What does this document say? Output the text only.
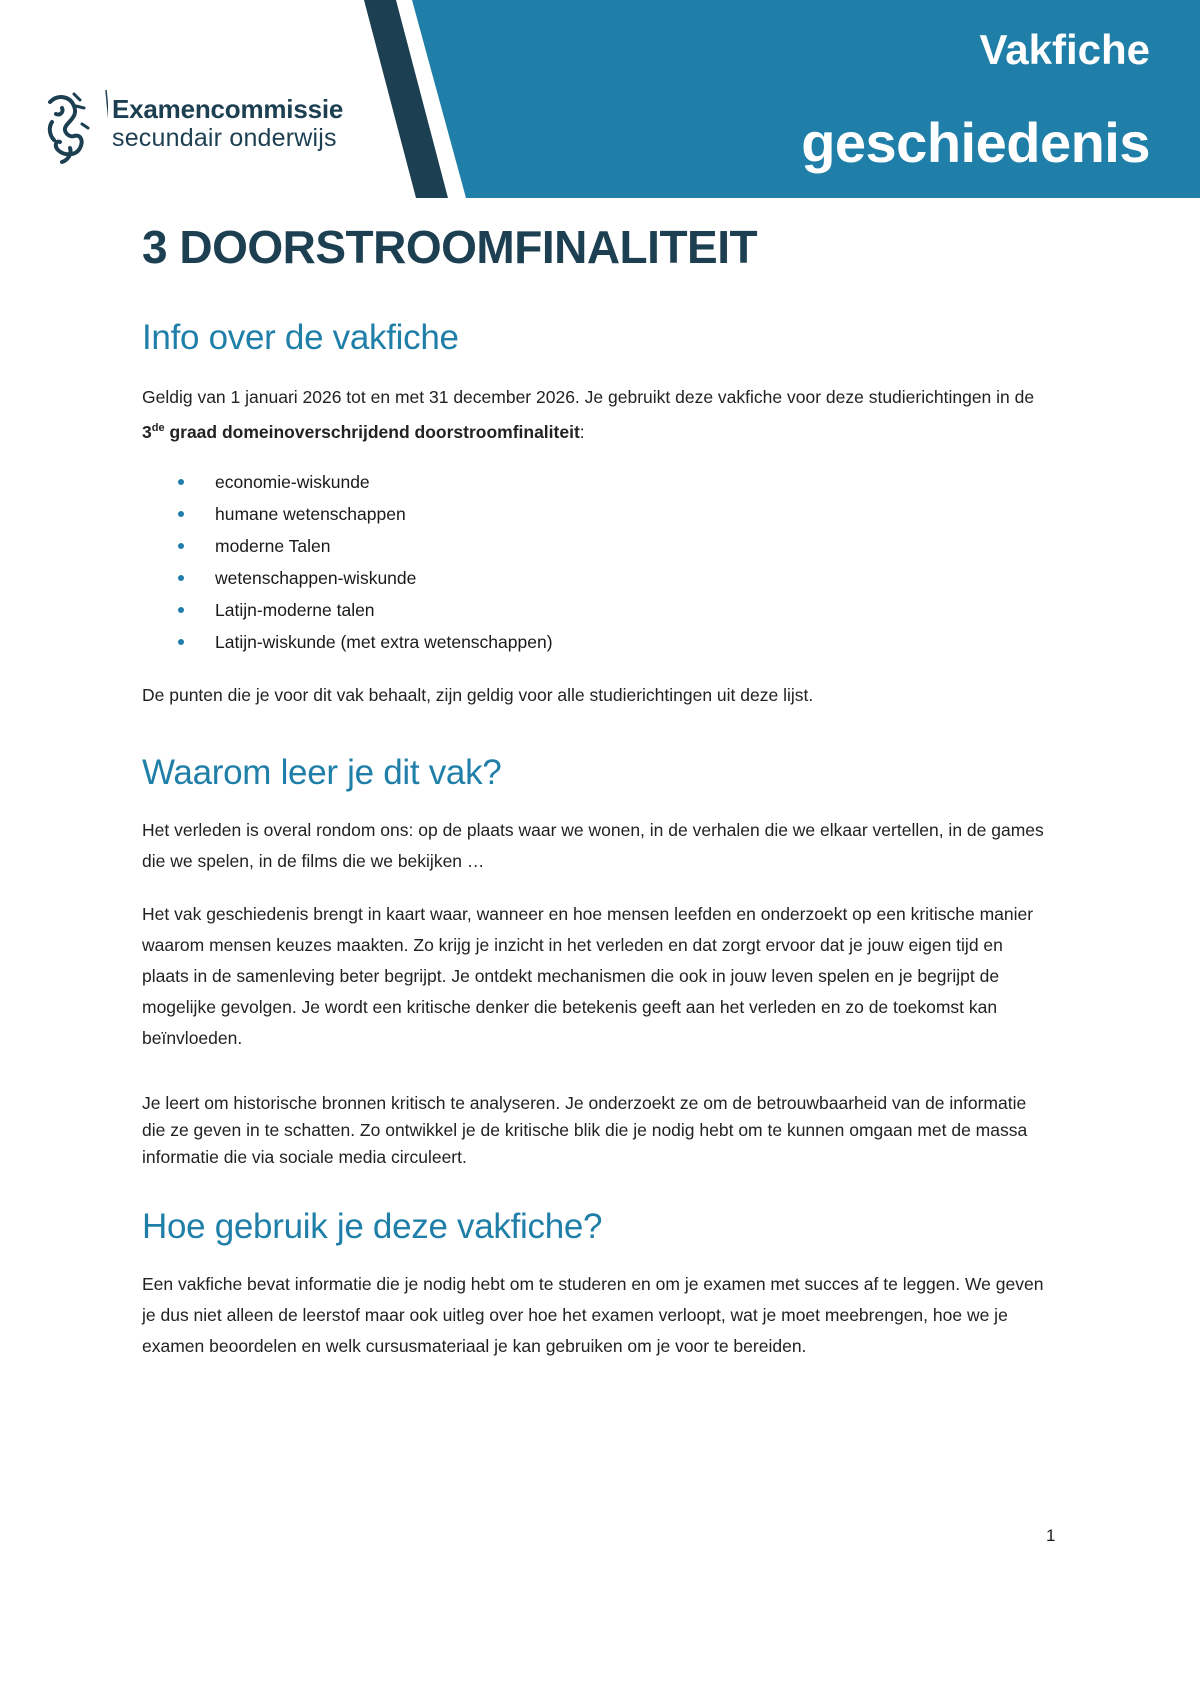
Examencommissie
secundair onderwijs
Vakfiche
geschiedenis
3 DOORSTROOMFINALITEIT
Info over de vakfiche

Geldig van 1 januari 2026 tot en met 31 december 2026. Je gebruikt deze vakfiche voor deze studierichtingen in de 3de graad domeinoverschrijdend doorstroomfinaliteit:

economie-wiskunde
humane wetenschappen
moderne Talen
wetenschappen-wiskunde
Latijn-moderne talen
Latijn-wiskunde (met extra wetenschappen)

De punten die je voor dit vak behaalt, zijn geldig voor alle studierichtingen uit deze lijst.

Waarom leer je dit vak?

Het verleden is overal rondom ons: op de plaats waar we wonen, in de verhalen die we elkaar vertellen, in de games die we spelen, in de films die we bekijken …

Het vak geschiedenis brengt in kaart waar, wanneer en hoe mensen leefden en onderzoekt op een kritische manier waarom mensen keuzes maakten. Zo krijg je inzicht in het verleden en dat zorgt ervoor dat je jouw eigen tijd en plaats in de samenleving beter begrijpt. Je ontdekt mechanismen die ook in jouw leven spelen en je begrijpt de mogelijke gevolgen. Je wordt een kritische denker die betekenis geeft aan het verleden en zo de toekomst kan beïnvloeden.

Je leert om historische bronnen kritisch te analyseren. Je onderzoekt ze om de betrouwbaarheid van de informatie die ze geven in te schatten. Zo ontwikkel je de kritische blik die je nodig hebt om te kunnen omgaan met de massa informatie die via sociale media circuleert.

Hoe gebruik je deze vakfiche?

Een vakfiche bevat informatie die je nodig hebt om te studeren en om je examen met succes af te leggen. We geven je dus niet alleen de leerstof maar ook uitleg over hoe het examen verloopt, wat je moet meebrengen, hoe we je examen beoordelen en welk cursusmateriaal je kan gebruiken om je voor te bereiden.

1
